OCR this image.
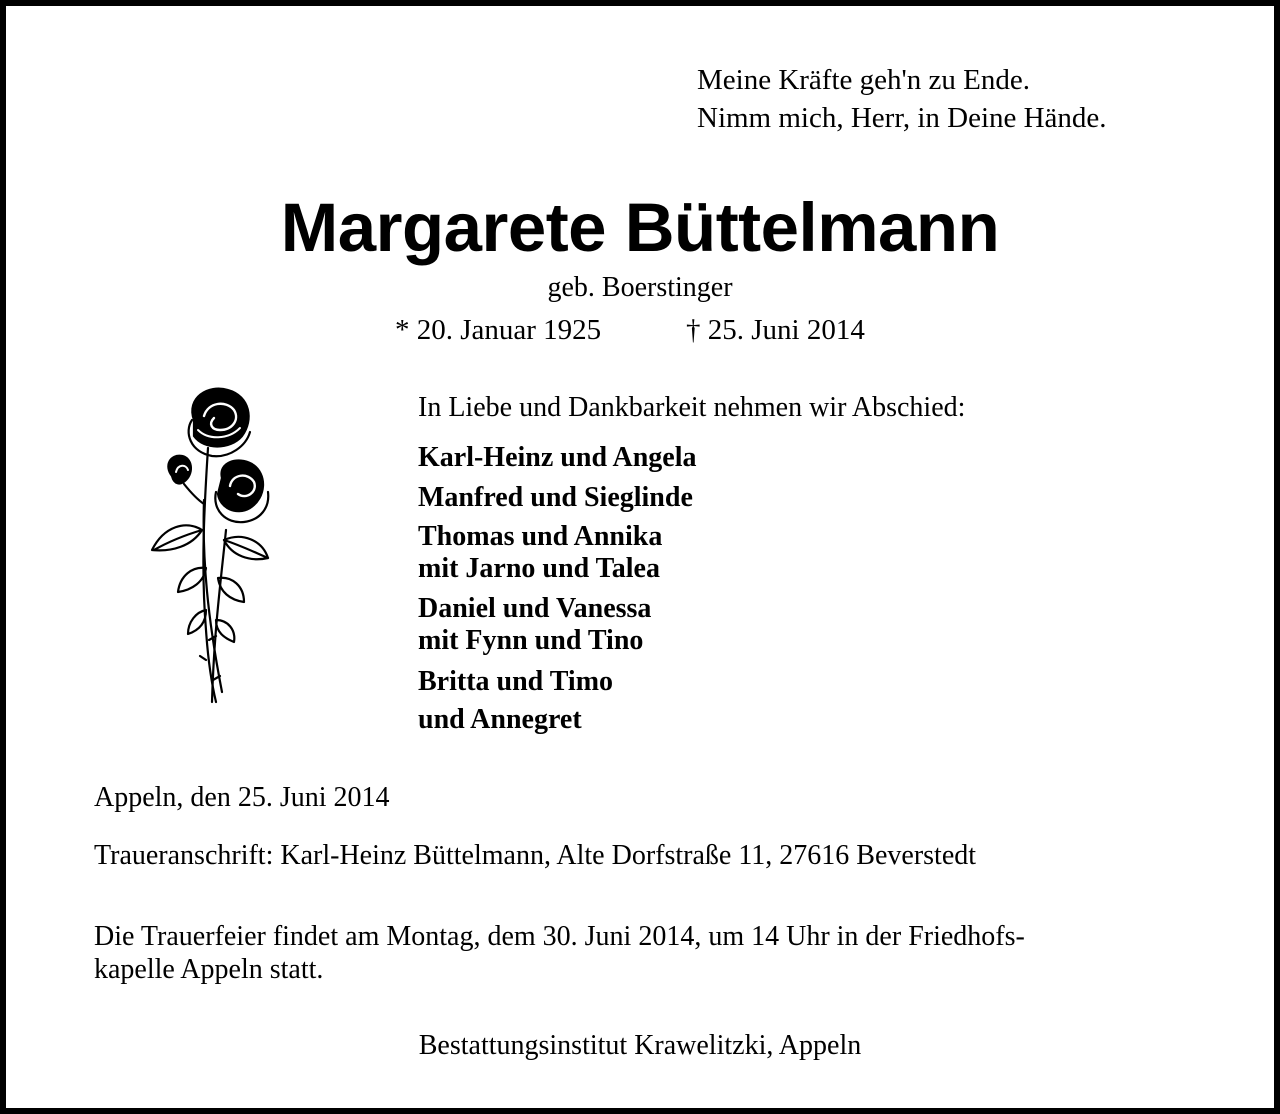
Meine Kräfte geh'n zu Ende.
Nimm mich, Herr, in Deine Hände.
Margarete Büttelmann
geb. Boerstinger
* 20. Januar 1925	† 25. Juni 2014
In Liebe und Dankbarkeit nehmen wir Abschied:
Karl-Heinz und Angela
Manfred und Sieglinde
Thomas und Annika
mit Jarno und Talea
Daniel und Vanessa
mit Fynn und Tino
Britta und Timo
und Annegret
Appeln, den 25. Juni 2014
Traueranschrift: Karl-Heinz Büttelmann, Alte Dorfstraße 11, 27616 Beverstedt
Die Trauerfeier findet am Montag, dem 30. Juni 2014, um 14 Uhr in der Friedhofs-
kapelle Appeln statt.
Bestattungsinstitut Krawelitzki, Appeln
